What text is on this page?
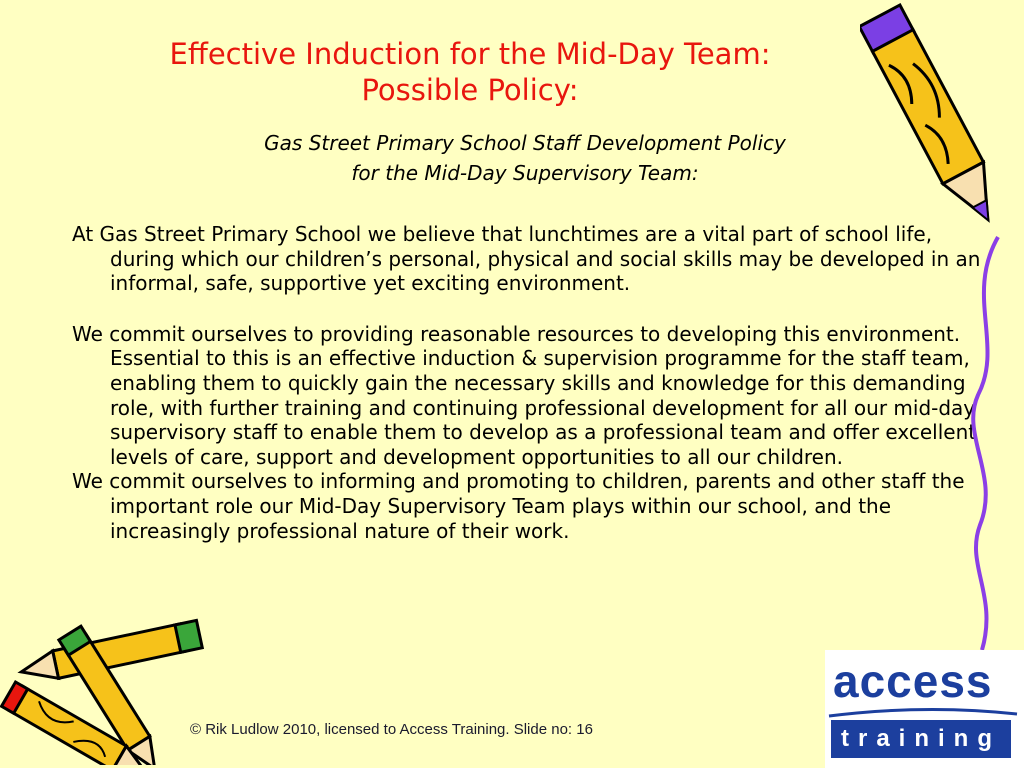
Effective Induction for the Mid-Day Team:
Possible Policy:
Gas Street Primary School Staff Development Policy
for the Mid-Day Supervisory Team:

At Gas Street Primary School we believe that lunchtimes are a vital part of school life, during which our children’s personal, physical and social skills may be developed in an informal, safe, supportive yet exciting environment.

We commit ourselves to providing reasonable resources to developing this environment. Essential to this is an effective induction & supervision programme for the staff team, enabling them to quickly gain the necessary skills and knowledge for this demanding role, with further training and continuing professional development for all our mid-day supervisory staff to enable them to develop as a professional team and offer excellent levels of care, support and development opportunities to all our children.

We commit ourselves to informing and promoting to children, parents and other staff the important role our Mid-Day Supervisory Team plays within our school, and the increasingly professional nature of their work.

© Rik Ludlow 2010, licensed to Access Training. Slide no: 16
access
training
